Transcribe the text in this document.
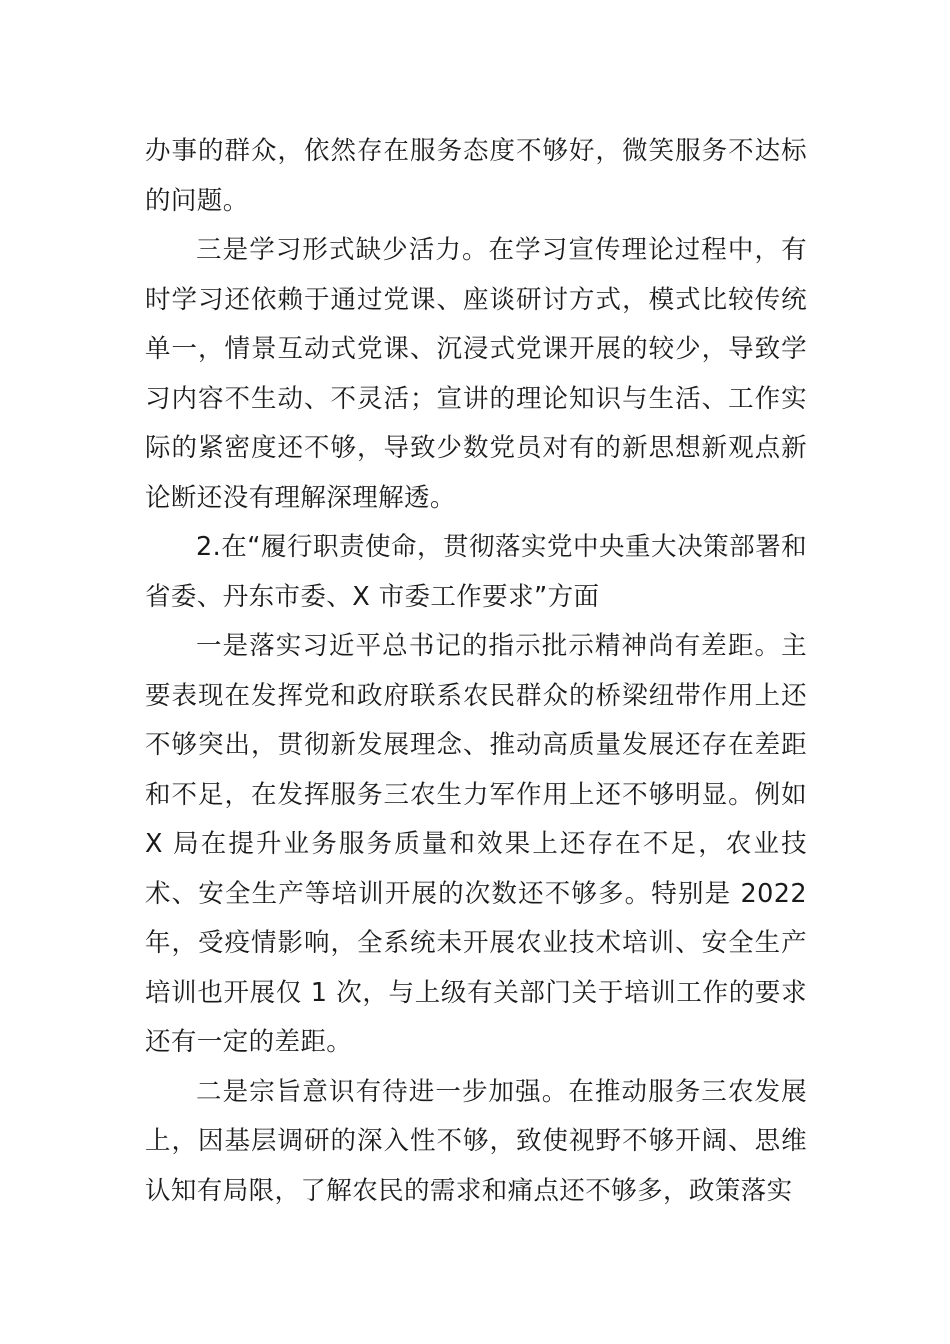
办事的群众，依然存在服务态度不够好，微笑服务不达标的问题。

三是学习形式缺少活力。在学习宣传理论过程中，有时学习还依赖于通过党课、座谈研讨方式，模式比较传统单一，情景互动式党课、沉浸式党课开展的较少，导致学习内容不生动、不灵活；宣讲的理论知识与生活、工作实际的紧密度还不够，导致少数党员对有的新思想新观点新论断还没有理解深理解透。

2.在“履行职责使命，贯彻落实党中央重大决策部署和省委、丹东市委、X 市委工作要求”方面

一是落实习近平总书记的指示批示精神尚有差距。主要表现在发挥党和政府联系农民群众的桥梁纽带作用上还不够突出，贯彻新发展理念、推动高质量发展还存在差距和不足，在发挥服务三农生力军作用上还不够明显。例如 X 局在提升业务服务质量和效果上还存在不足，农业技术、安全生产等培训开展的次数还不够多。特别是 2022 年，受疫情影响，全系统未开展农业技术培训、安全生产培训也开展仅 1 次，与上级有关部门关于培训工作的要求还有一定的差距。

二是宗旨意识有待进一步加强。在推动服务三农发展上，因基层调研的深入性不够，致使视野不够开阔、思维认知有局限，了解农民的需求和痛点还不够多，政策落实
